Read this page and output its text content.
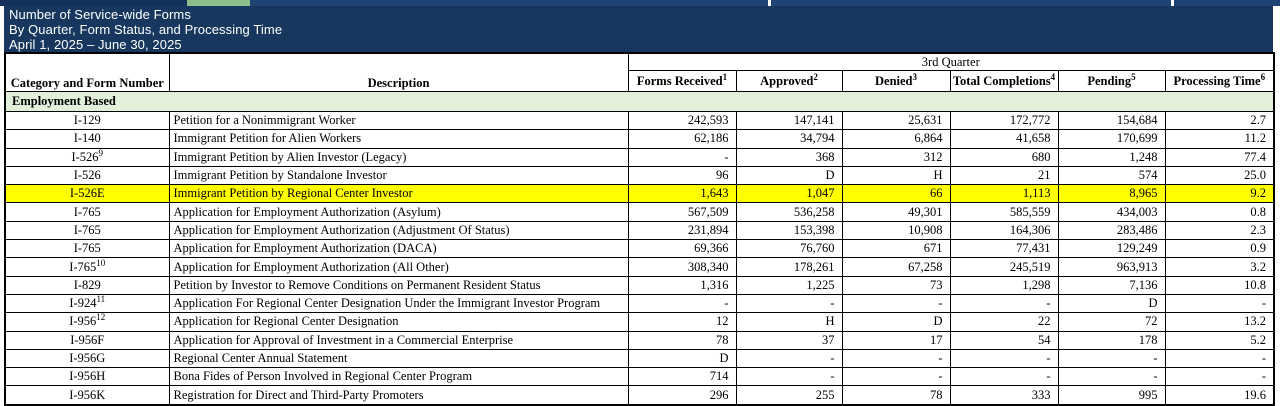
Number of Service-wide Forms
By Quarter, Form Status, and Processing Time
April 1, 2025 – June 30, 2025
Category and Form Number	Description	3rd Quarter					
		Forms Received$^1$	Approved$^2$	Denied$^3$	Total Completions$^4$	Pending$^5$	Processing Time$^6$
Employment Based							
I-129	Petition for a Nonimmigrant Worker	242,593	147,141	25,631	172,772	154,684	2.7
I-140	Immigrant Petition for Alien Workers	62,186	34,794	6,864	41,658	170,699	11.2
$I-526^9$	Immigrant Petition by Alien Investor (Legacy)	-	368	312	680	1,248	77.4
I-526	Immigrant Petition by Standalone Investor	96	D	H	21	574	25.0
I-526E	Immigrant Petition by Regional Center Investor	1,643	1,047	66	1,113	8,965	9.2
I-765	Application for Employment Authorization (Asylum)	567,509	536,258	49,301	585,559	434,003	0.8
I-765	Application for Employment Authorization (Adjustment Of Status)	231,894	153,398	10,908	164,306	283,486	2.3
I-765	Application for Employment Authorization (DACA)	69,366	76,760	671	77,431	129,249	0.9
$I-765^{10}$	Application for Employment Authorization (All Other)	308,340	178,261	67,258	245,519	963,913	3.2
I-829	Petition by Investor to Remove Conditions on Permanent Resident Status	1,316	1,225	73	1,298	7,136	10.8
$I-924^{11}$	Application For Regional Center Designation Under the Immigrant Investor Program	-	-	-	-	D	-
$I-956^{12}$	Application for Regional Center Designation	12	H	D	22	72	13.2
I-956F	Application for Approval of Investment in a Commercial Enterprise	78	37	17	54	178	5.2
I-956G	Regional Center Annual Statement	D	-	-	-	-	-
I-956H	Bona Fides of Person Involved in Regional Center Program	714	-	-	-	-	-
I-956K	Registration for Direct and Third-Party Promoters	296	255	78	333	995	19.6
